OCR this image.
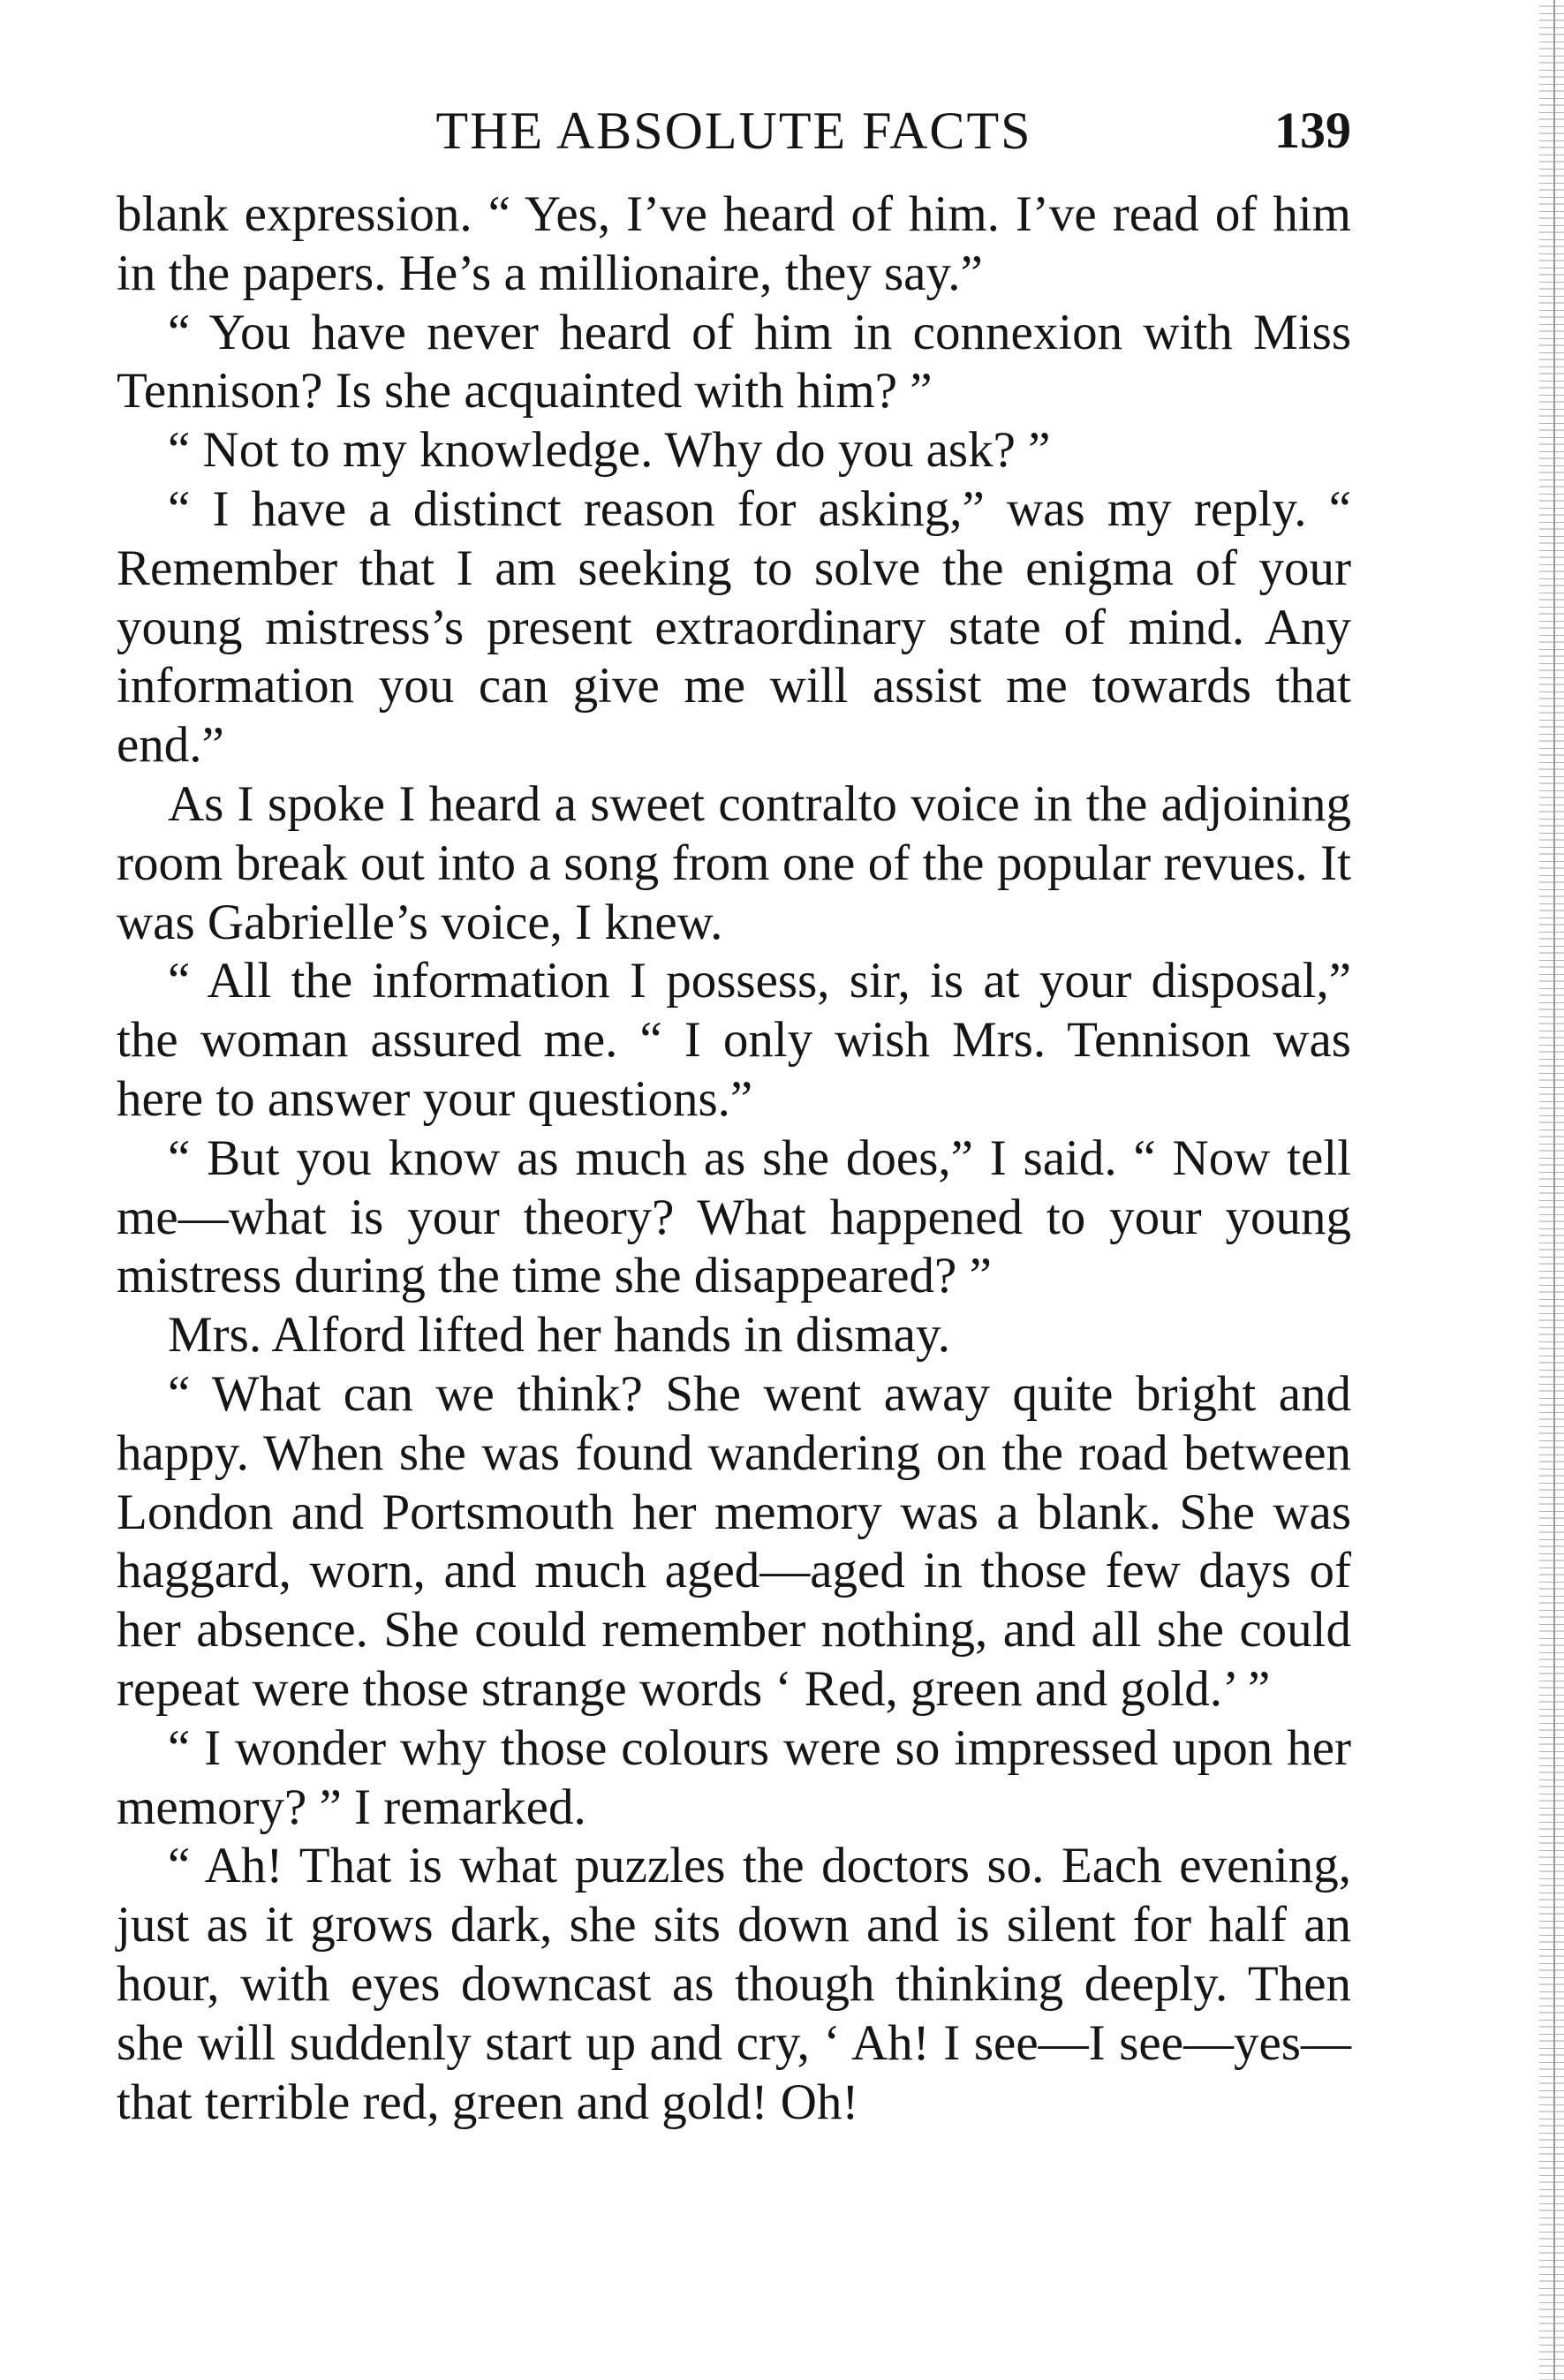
THE ABSOLUTE FACTS	139

blank expression. “ Yes, I’ve heard of him. I’ve read of him in the papers. He’s a millionaire, they say.”

“ You have never heard of him in connexion with Miss Tennison? Is she acquainted with him? ”

“ Not to my knowledge. Why do you ask? ”

“ I have a distinct reason for asking,” was my reply. “ Remember that I am seeking to solve the enigma of your young mistress’s present extraordinary state of mind. Any information you can give me will assist me towards that end.”

As I spoke I heard a sweet contralto voice in the adjoining room break out into a song from one of the popular revues. It was Gabrielle’s voice, I knew.

“ All the information I possess, sir, is at your disposal,” the woman assured me. “ I only wish Mrs. Tennison was here to answer your questions.”

“ But you know as much as she does,” I said. “ Now tell me—what is your theory? What happened to your young mistress during the time she disappeared? ”

Mrs. Alford lifted her hands in dismay.

“ What can we think? She went away quite bright and happy. When she was found wandering on the road between London and Portsmouth her memory was a blank. She was haggard, worn, and much aged—aged in those few days of her absence. She could remember nothing, and all she could repeat were those strange words ‘ Red, green and gold.’ ”

“ I wonder why those colours were so impressed upon her memory? ” I remarked.

“ Ah! That is what puzzles the doctors so. Each evening, just as it grows dark, she sits down and is silent for half an hour, with eyes downcast as though thinking deeply. Then she will suddenly start up and cry, ‘ Ah! I see—I see—yes—that terrible red, green and gold! Oh!
